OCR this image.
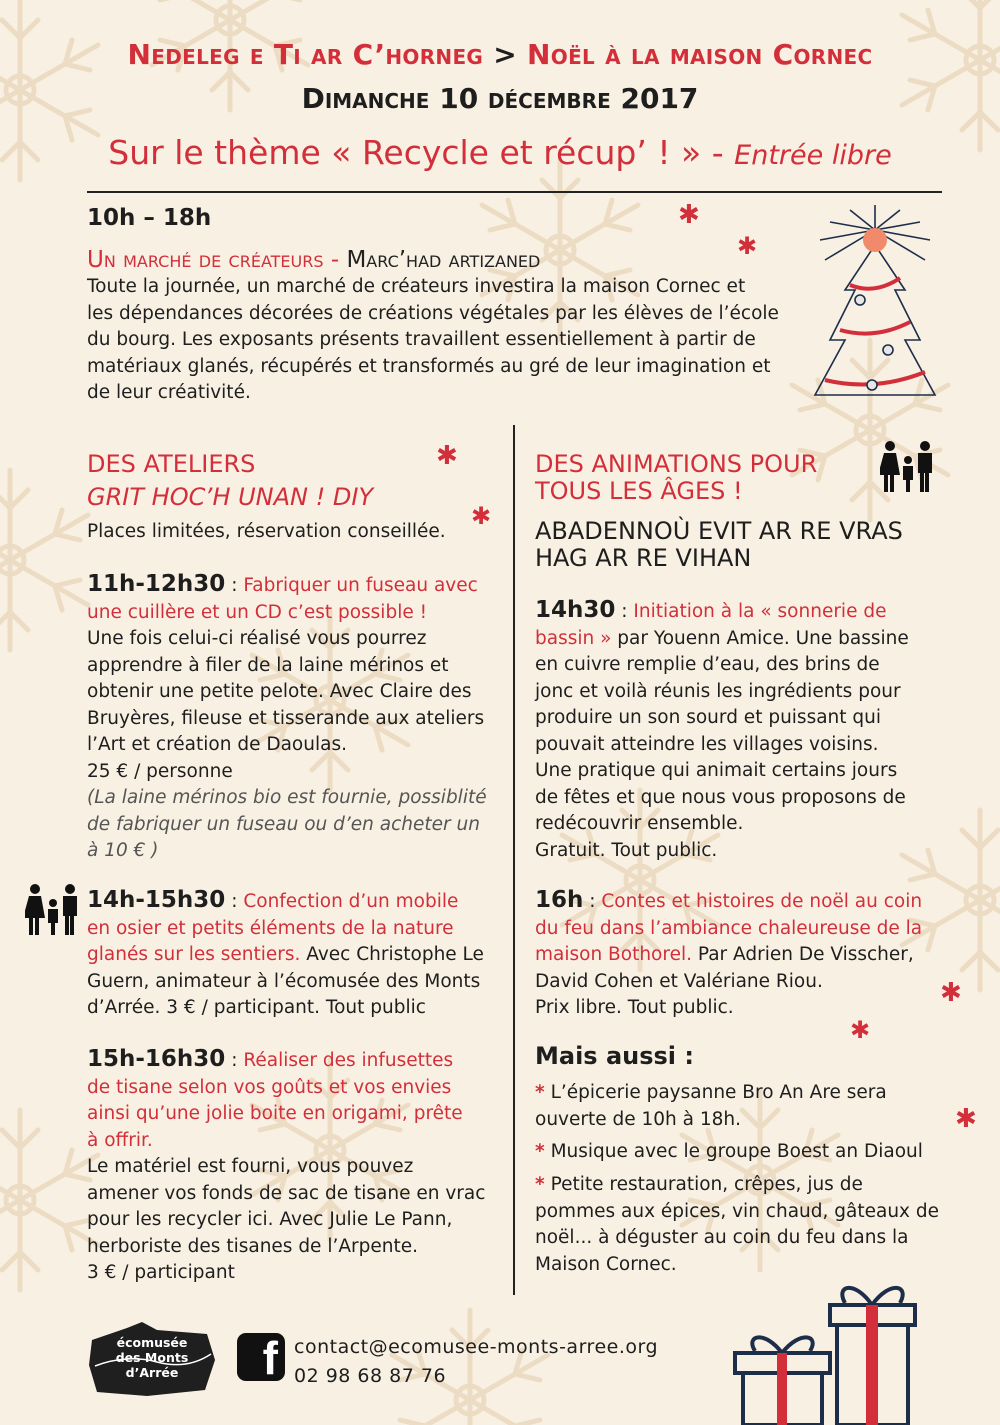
Nedeleg e Ti ar C’horneg > Noël à la maison Cornec
Dimanche 10 décembre 2017
Sur le thème « Recycle et récup’ ! » - Entrée libre
10h – 18h
Un marché de créateurs - Marc’had artizaned
Toute la journée, un marché de créateurs investira la maison Cornec et
les dépendances décorées de créations végétales par les élèves de l’école
du bourg. Les exposants présents travaillent essentiellement à partir de
matériaux glanés, récupérés et transformés au gré de leur imagination et
de leur créativité.
✱
✱
✱
✱
✱
✱
✱
DES ATELIERS
GRIT HOC’H UNAN ! DIY
Places limitées, réservation conseillée.
11h-12h30 : Fabriquer un fuseau avec
une cuillère et un CD c’est possible !
Une fois celui-ci réalisé vous pourrez
apprendre à filer de la laine mérinos et
obtenir une petite pelote. Avec Claire des
Bruyères, fileuse et tisserande aux ateliers
l’Art et création de Daoulas.
25 € / personne
(La laine mérinos bio est fournie, possiblité
de fabriquer un fuseau ou d’en acheter un
à 10 € )
14h-15h30 : Confection d’un mobile
en osier et petits éléments de la nature
glanés sur les sentiers. Avec Christophe Le
Guern, animateur à l’écomusée des Monts
d’Arrée. 3 € / participant. Tout public
15h-16h30 : Réaliser des infusettes
de tisane selon vos goûts et vos envies
ainsi qu’une jolie boite en origami, prête
à offrir.
Le matériel est fourni, vous pouvez
amener vos fonds de sac de tisane en vrac
pour les recycler ici. Avec Julie Le Pann,
herboriste des tisanes de l’Arpente.
3 € / participant
DES ANIMATIONS POUR
TOUS LES ÂGES !
ABADENNOÙ EVIT AR RE VRAS
HAG AR RE VIHAN
14h30 : Initiation à la « sonnerie de
bassin » par Youenn Amice. Une bassine
en cuivre remplie d’eau, des brins de
jonc et voilà réunis les ingrédients pour
produire un son sourd et puissant qui
pouvait atteindre les villages voisins.
Une pratique qui animait certains jours
de fêtes et que nous vous proposons de
redécouvrir ensemble.
Gratuit. Tout public.
16h : Contes et histoires de noël au coin
du feu dans l’ambiance chaleureuse de la
maison Bothorel. Par Adrien De Visscher,
David Cohen et Valériane Riou.
Prix libre. Tout public.
Mais aussi :
* L’épicerie paysanne Bro An Are sera
ouverte de 10h à 18h.
* Musique avec le groupe Boest an Diaoul
* Petite restauration, crêpes, jus de
pommes aux épices, vin chaud, gâteaux de
noël... à déguster au coin du feu dans la
Maison Cornec.
écomusée
des Monts
d’Arrée	f contact@ecomusee-monts-arree.org
02 98 68 87 76
